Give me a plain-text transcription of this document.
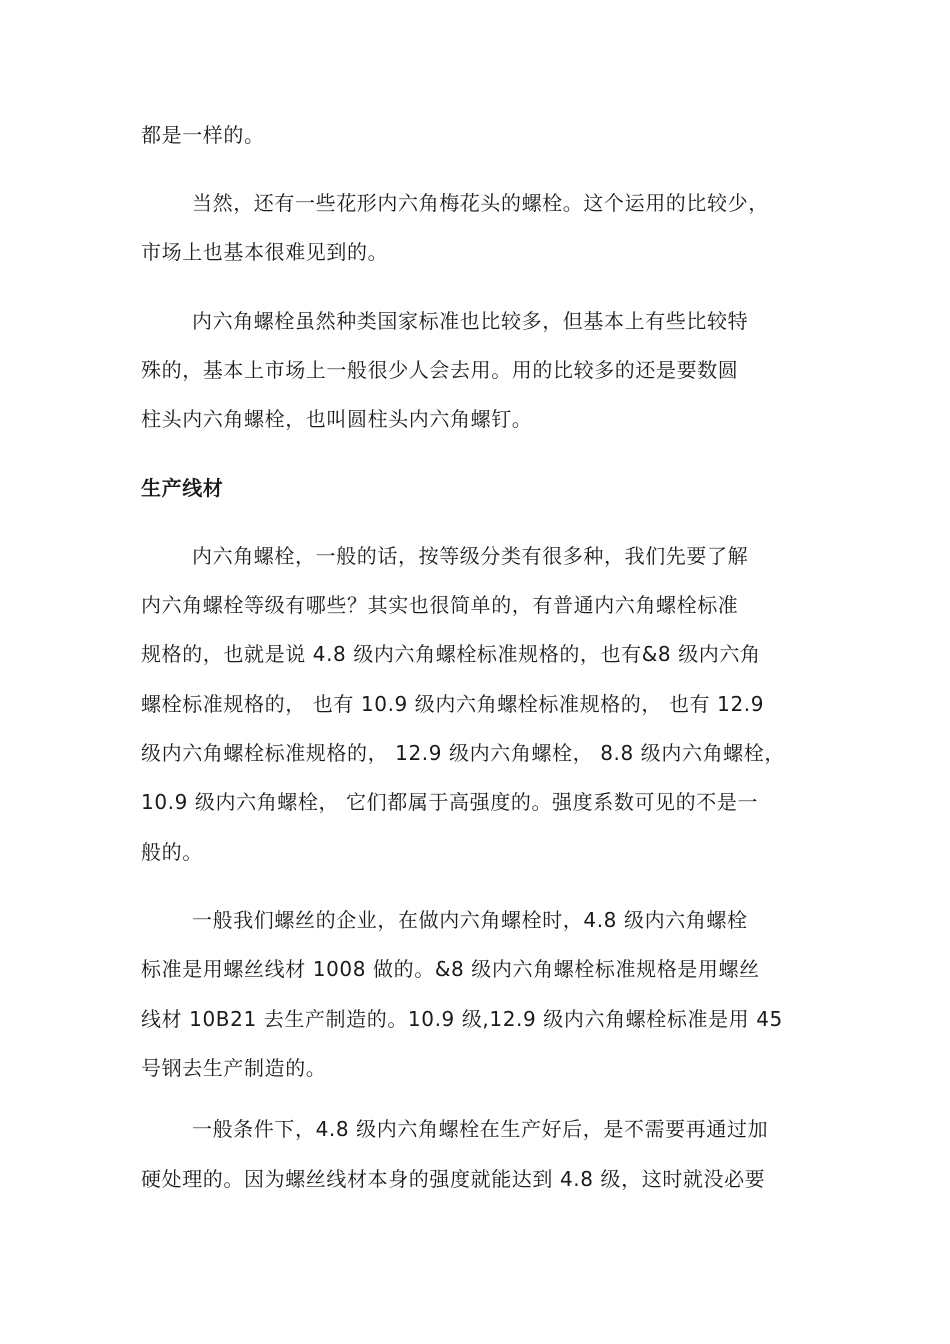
都是一样的。
当然，还有一些花形内六角梅花头的螺栓。这个运用的比较少，
市场上也基本很难见到的。
内六角螺栓虽然种类国家标准也比较多，但基本上有些比较特
殊的，基本上市场上一般很少人会去用。用的比较多的还是要数圆
柱头内六角螺栓，也叫圆柱头内六角螺钉。
生产线材
内六角螺栓，一般的话，按等级分类有很多种，我们先要了解
内六角螺栓等级有哪些？其实也很简单的，有普通内六角螺栓标准
规格的，也就是说 4.8 级内六角螺栓标准规格的，也有&8 级内六角
螺栓标准规格的， 也有 10.9 级内六角螺栓标准规格的， 也有 12.9
级内六角螺栓标准规格的， 12.9 级内六角螺栓， 8.8 级内六角螺栓，
10.9 级内六角螺栓， 它们都属于高强度的。强度系数可见的不是一
般的。
一般我们螺丝的企业，在做内六角螺栓时，4.8 级内六角螺栓
标准是用螺丝线材 1008 做的。&8 级内六角螺栓标准规格是用螺丝
线材 10B21 去生产制造的。10.9 级,12.9 级内六角螺栓标准是用 45
号钢去生产制造的。
一般条件下，4.8 级内六角螺栓在生产好后，是不需要再通过加
硬处理的。因为螺丝线材本身的强度就能达到 4.8 级，这时就没必要
